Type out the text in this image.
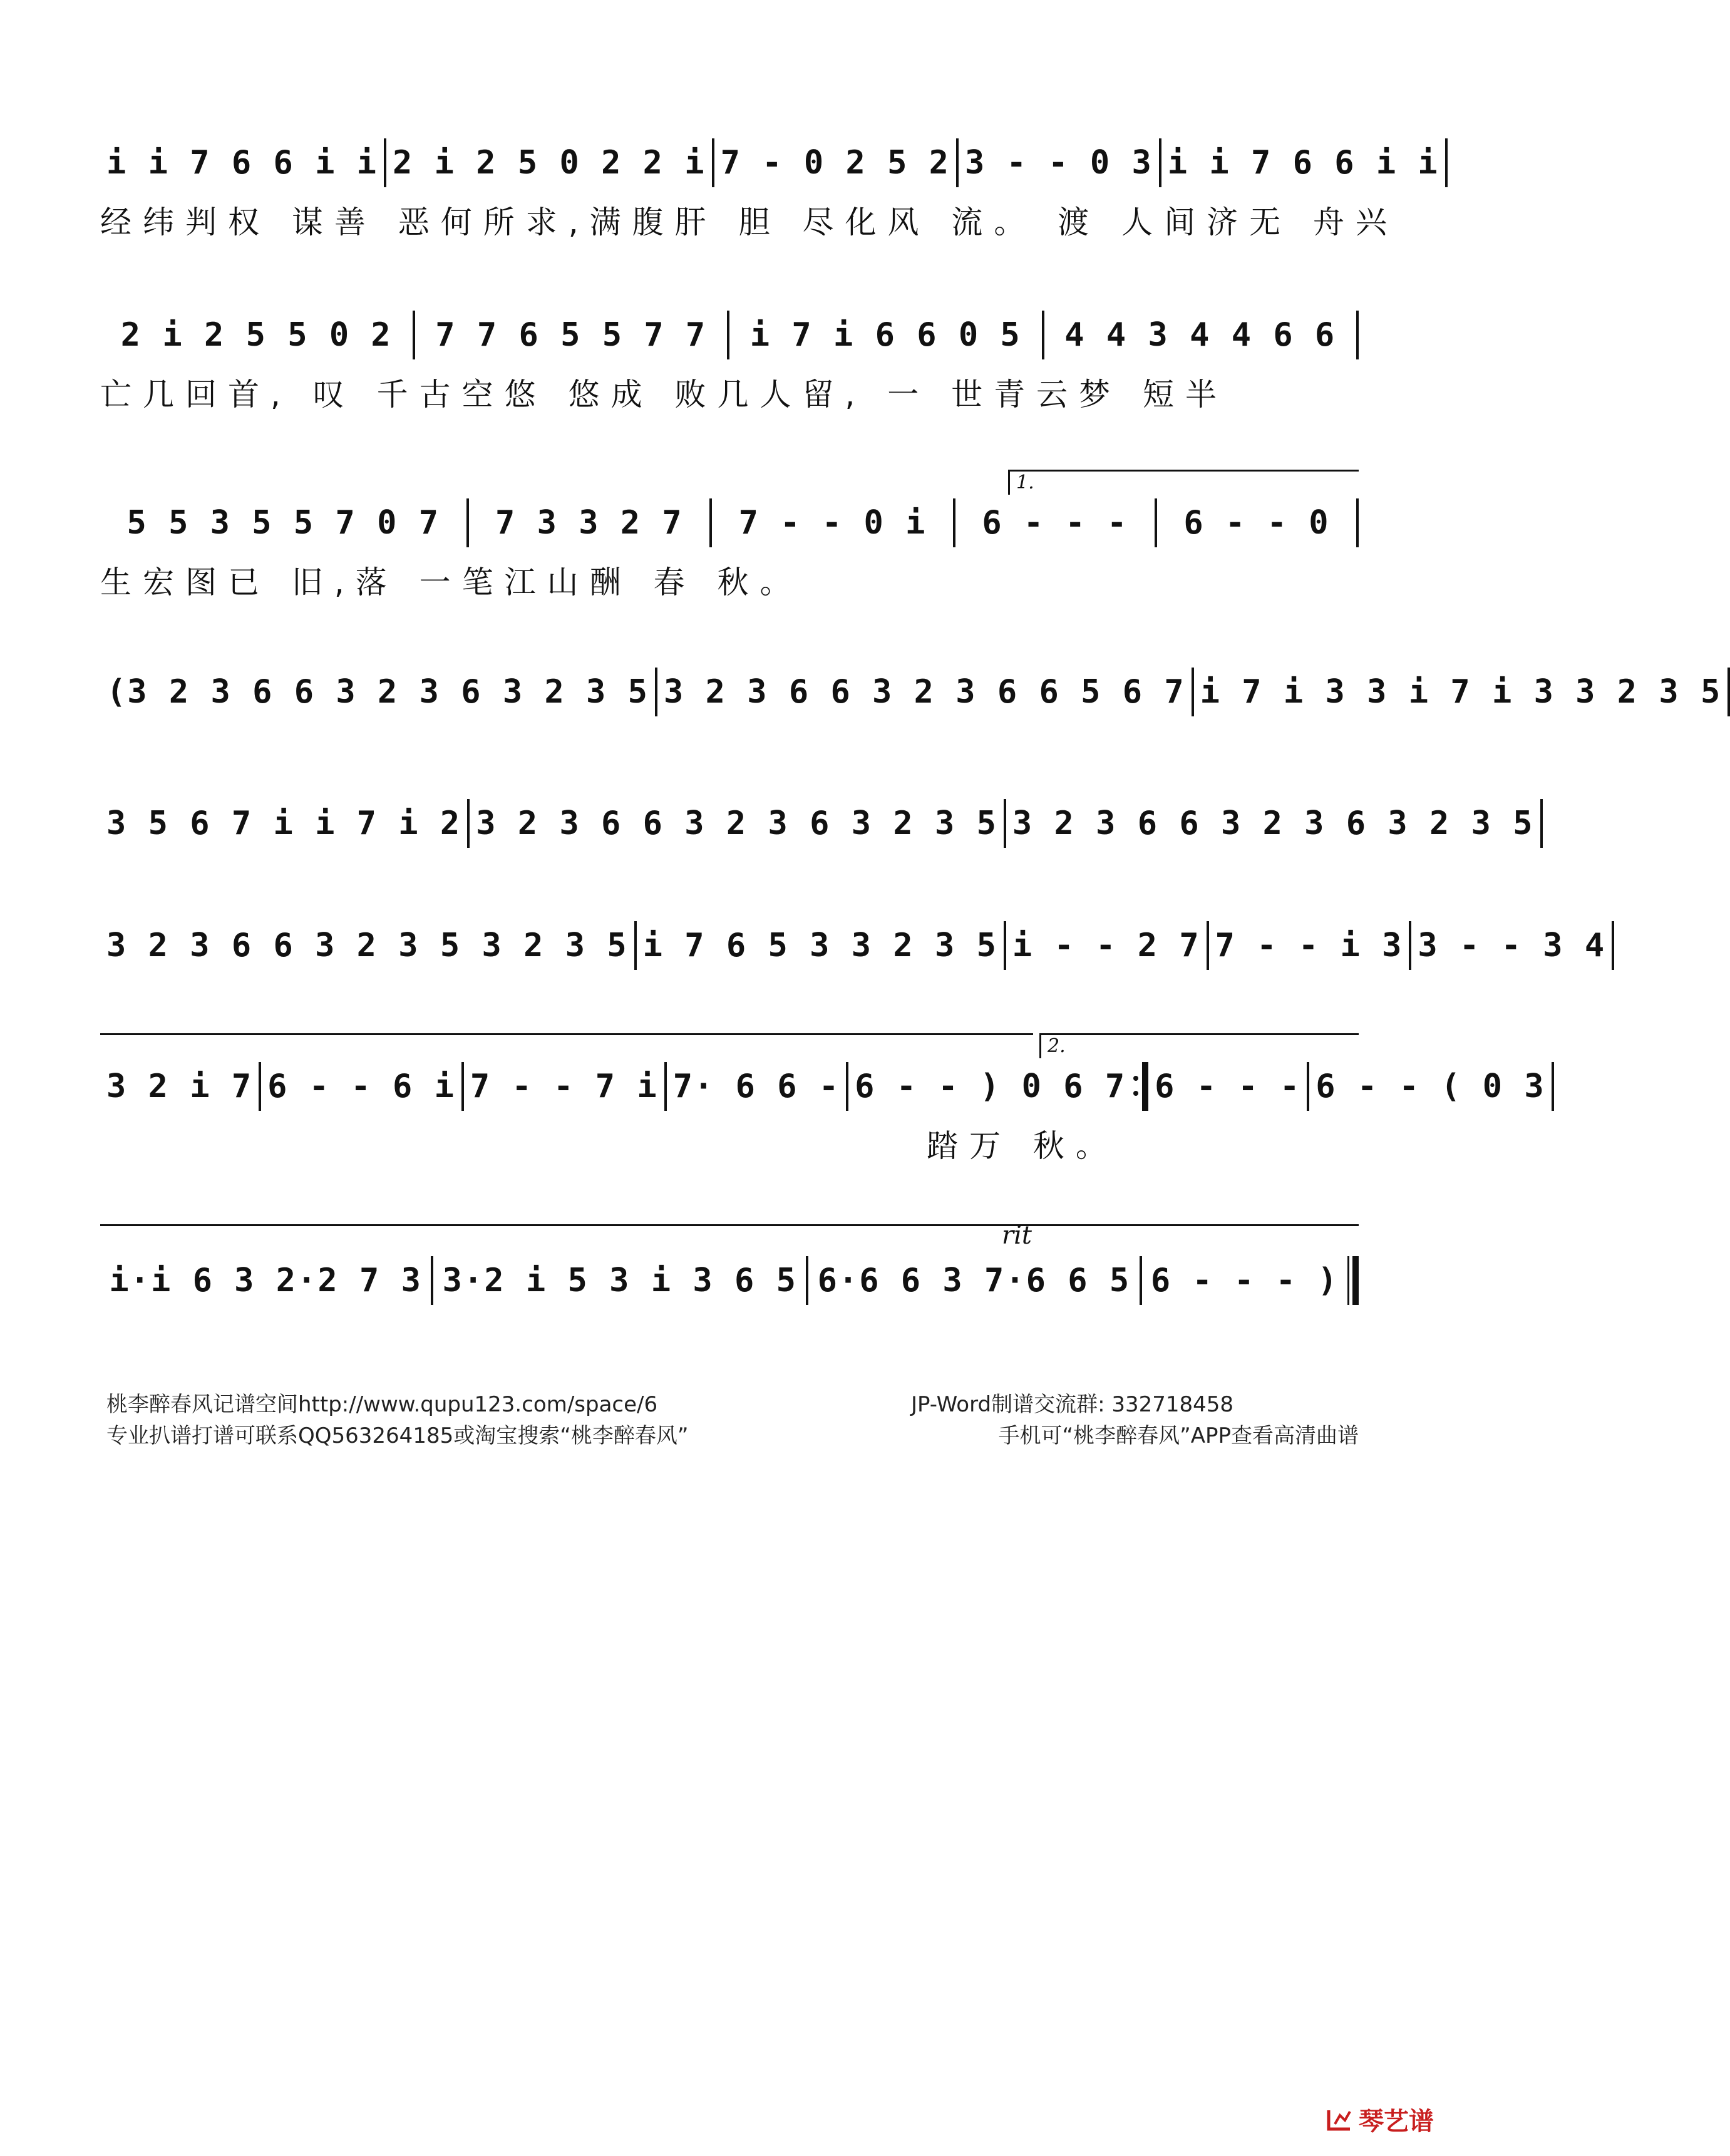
i i 7 6 6 i i 2 i 2 5 0 2 2 i 7 - 0 2 5 2 3 - - 0 3 i i 7 6 6 i i
经纬判权 谋善 恶何所求,满腹肝 胆 尽化风 流。 渡 人间济无 舟兴
2 i 2 5 5 0 2 7 7 6 5 5 7 7 i 7 i 6 6 0 5 4 4 3 4 4 6 6
亡几回首, 叹 千古空悠 悠成 败几人留, 一 世青云梦 短半
1.
5 5 3 5 5 7 0 7 7 3 3 2 7 7 - - 0 i 6 - - - 6 - - 0
生宏图已 旧,落 一笔江山酬 春 秋。
(3 2 3 6 6 3 2 3 6 3 2 3 5 3 2 3 6 6 3 2 3 6 6 5 6 7 i 7 i 3 3 i 7 i 3 3 2 3 5
3 5 6 7 i i 7 i 2 3 2 3 6 6 3 2 3 6 3 2 3 5 3 2 3 6 6 3 2 3 6 3 2 3 5
3 2 3 6 6 3 2 3 5 3 2 3 5 i 7 6 5 3 3 2 3 5 i - - 2 7 7 - - i 3 3 - - 3 4
2.
3 2 i 7 6 - - 6 i 7 - - 7 i 7· 6 6 - 6 - - ) 0 6 7 6 - - - 6 - - ( 0 3
踏万 秋。
rit
i·i 6 3 2·2 7 3 3·2 i 5 3 i 3 6 5 6·6 6 3 7·6 6 5 6 - - - )
桃李醉春风记谱空间http://www.qupu123.com/space/6
专业扒谱打谱可联系QQ563264185或淘宝搜索“桃李醉春风”
JP-Word制谱交流群: 332718458
手机可“桃李醉春风”APP查看高清曲谱
琴艺谱
